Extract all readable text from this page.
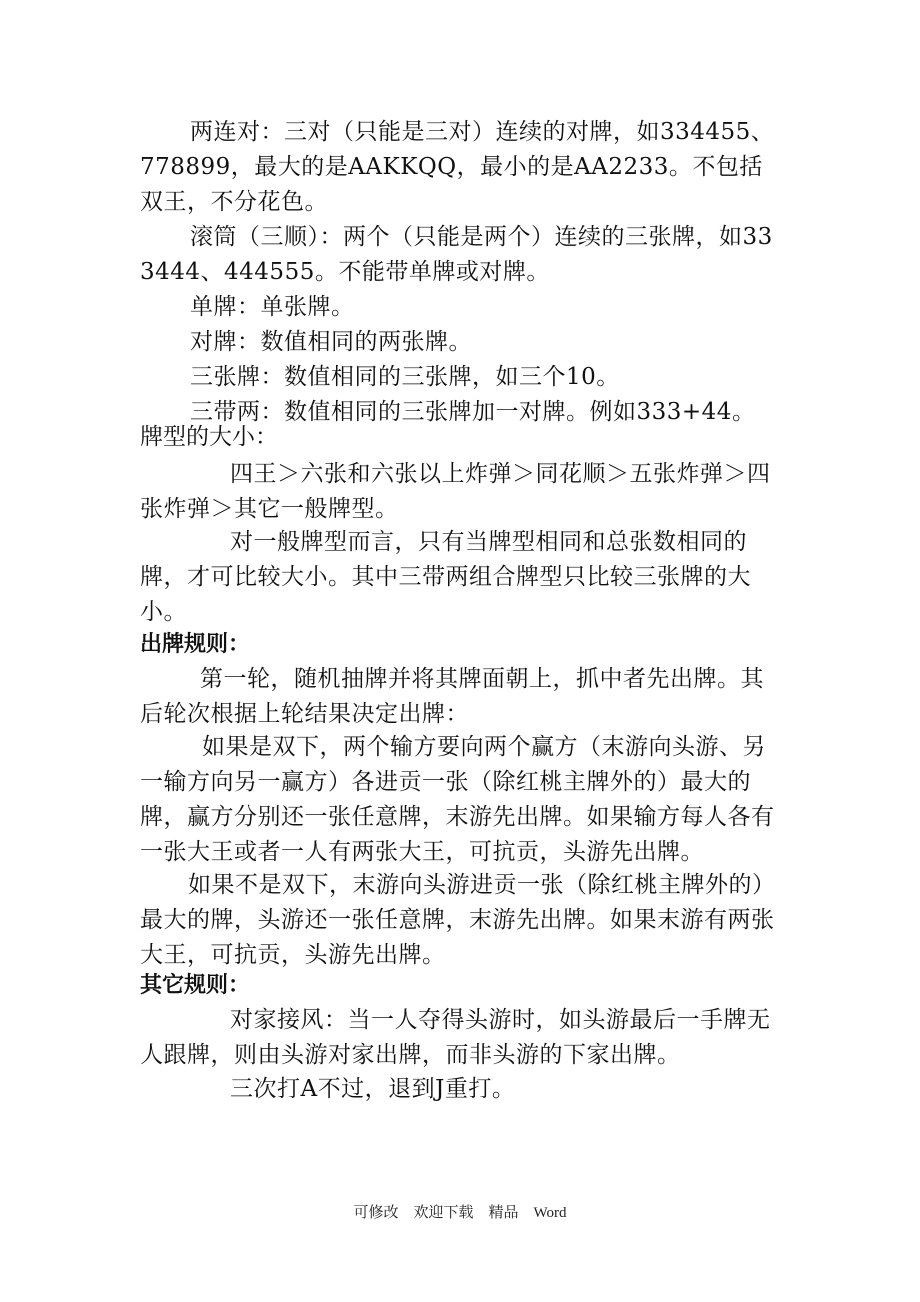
两连对：三对（只能是三对）连续的对牌，如334455、778899，最大的是AAKKQQ，最小的是AA2233。不包括双王，不分花色。

滚筒（三顺）：两个（只能是两个）连续的三张牌，如333444、444555。不能带单牌或对牌。

单牌：单张牌。

对牌：数值相同的两张牌。

三张牌：数值相同的三张牌，如三个10。

三带两：数值相同的三张牌加一对牌。例如333+44。

牌型的大小：

四王＞六张和六张以上炸弹＞同花顺＞五张炸弹＞四张炸弹＞其它一般牌型。

对一般牌型而言，只有当牌型相同和总张数相同的牌，才可比较大小。其中三带两组合牌型只比较三张牌的大小。

出牌规则：

第一轮，随机抽牌并将其牌面朝上，抓中者先出牌。其后轮次根据上轮结果决定出牌：

如果是双下，两个输方要向两个赢方（末游向头游、另一输方向另一赢方）各进贡一张（除红桃主牌外的）最大的牌，赢方分别还一张任意牌，末游先出牌。如果输方每人各有一张大王或者一人有两张大王，可抗贡，头游先出牌。

如果不是双下，末游向头游进贡一张（除红桃主牌外的）最大的牌，头游还一张任意牌，末游先出牌。如果末游有两张大王，可抗贡，头游先出牌。

其它规则：

对家接风：当一人夺得头游时，如头游最后一手牌无人跟牌，则由头游对家出牌，而非头游的下家出牌。

三次打A不过，退到J重打。

可修改　欢迎下载　精品　Word
